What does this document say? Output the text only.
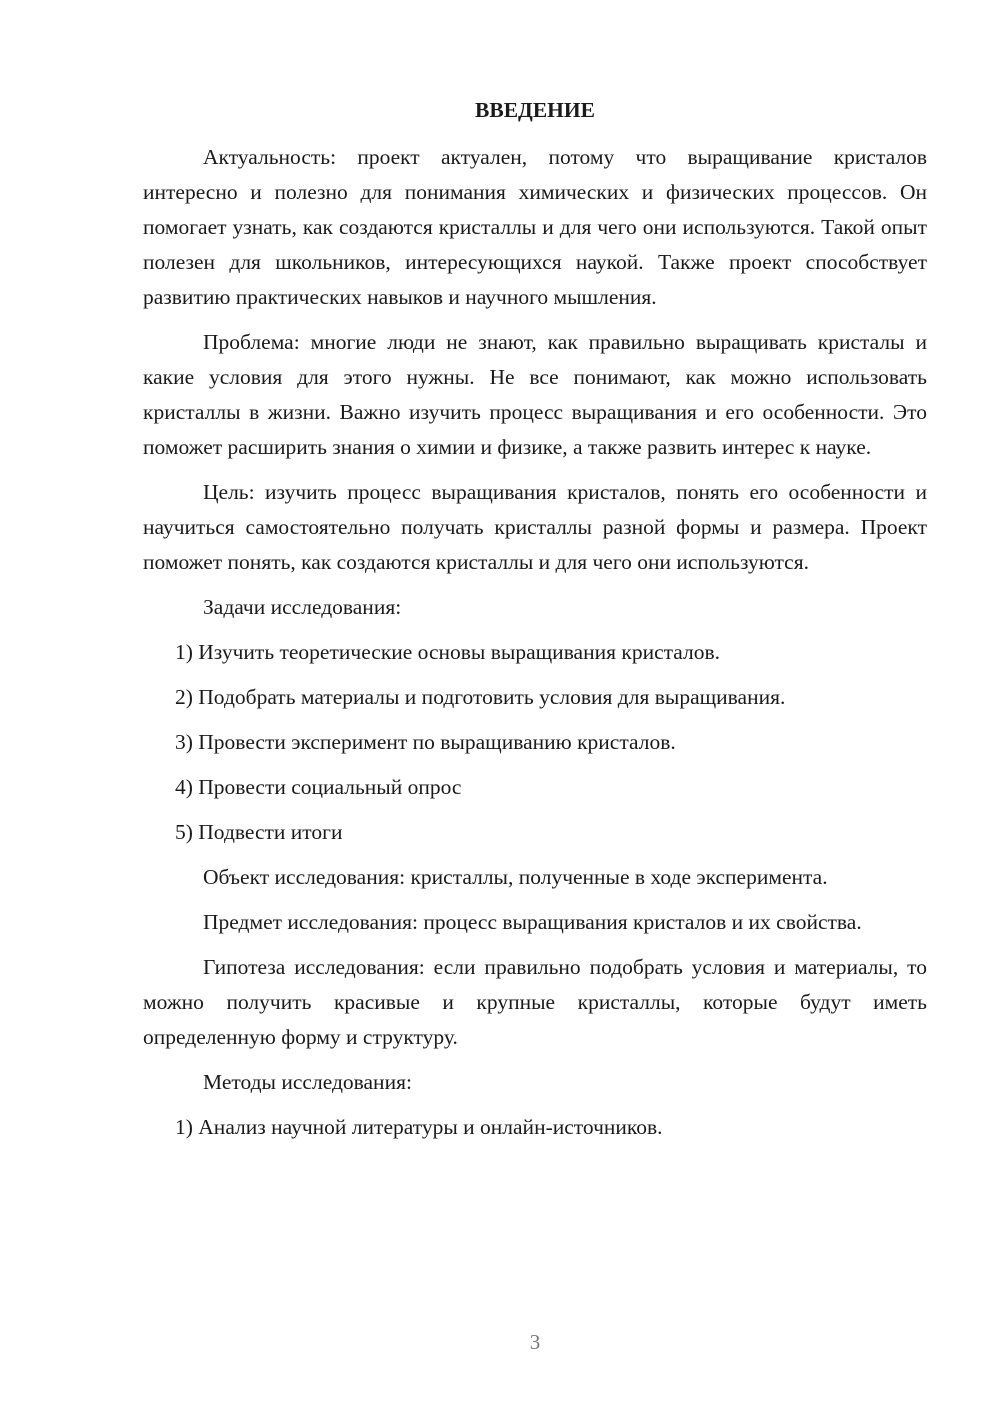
ВВЕДЕНИЕ

Актуальность: проект актуален, потому что выращивание кристалов интересно и полезно для понимания химических и физических процессов. Он помогает узнать, как создаются кристаллы и для чего они используются. Такой опыт полезен для школьников, интересующихся наукой. Также проект способствует развитию практических навыков и научного мышления.

Проблема: многие люди не знают, как правильно выращивать кристалы и какие условия для этого нужны. Не все понимают, как можно использовать кристаллы в жизни. Важно изучить процесс выращивания и его особенности. Это поможет расширить знания о химии и физике, а также развить интерес к науке.

Цель: изучить процесс выращивания кристалов, понять его особенности и научиться самостоятельно получать кристаллы разной формы и размера. Проект поможет понять, как создаются кристаллы и для чего они используются.

Задачи исследования:

1) Изучить теоретические основы выращивания кристалов.
2) Подобрать материалы и подготовить условия для выращивания.
3) Провести эксперимент по выращиванию кристалов.
4) Провести социальный опрос
5) Подвести итоги

Объект исследования: кристаллы, полученные в ходе эксперимента.

Предмет исследования: процесс выращивания кристалов и их свойства.

Гипотеза исследования: если правильно подобрать условия и материалы, то можно получить красивые и крупные кристаллы, которые будут иметь определенную форму и структуру.

Методы исследования:

1) Анализ научной литературы и онлайн-источников.
3
